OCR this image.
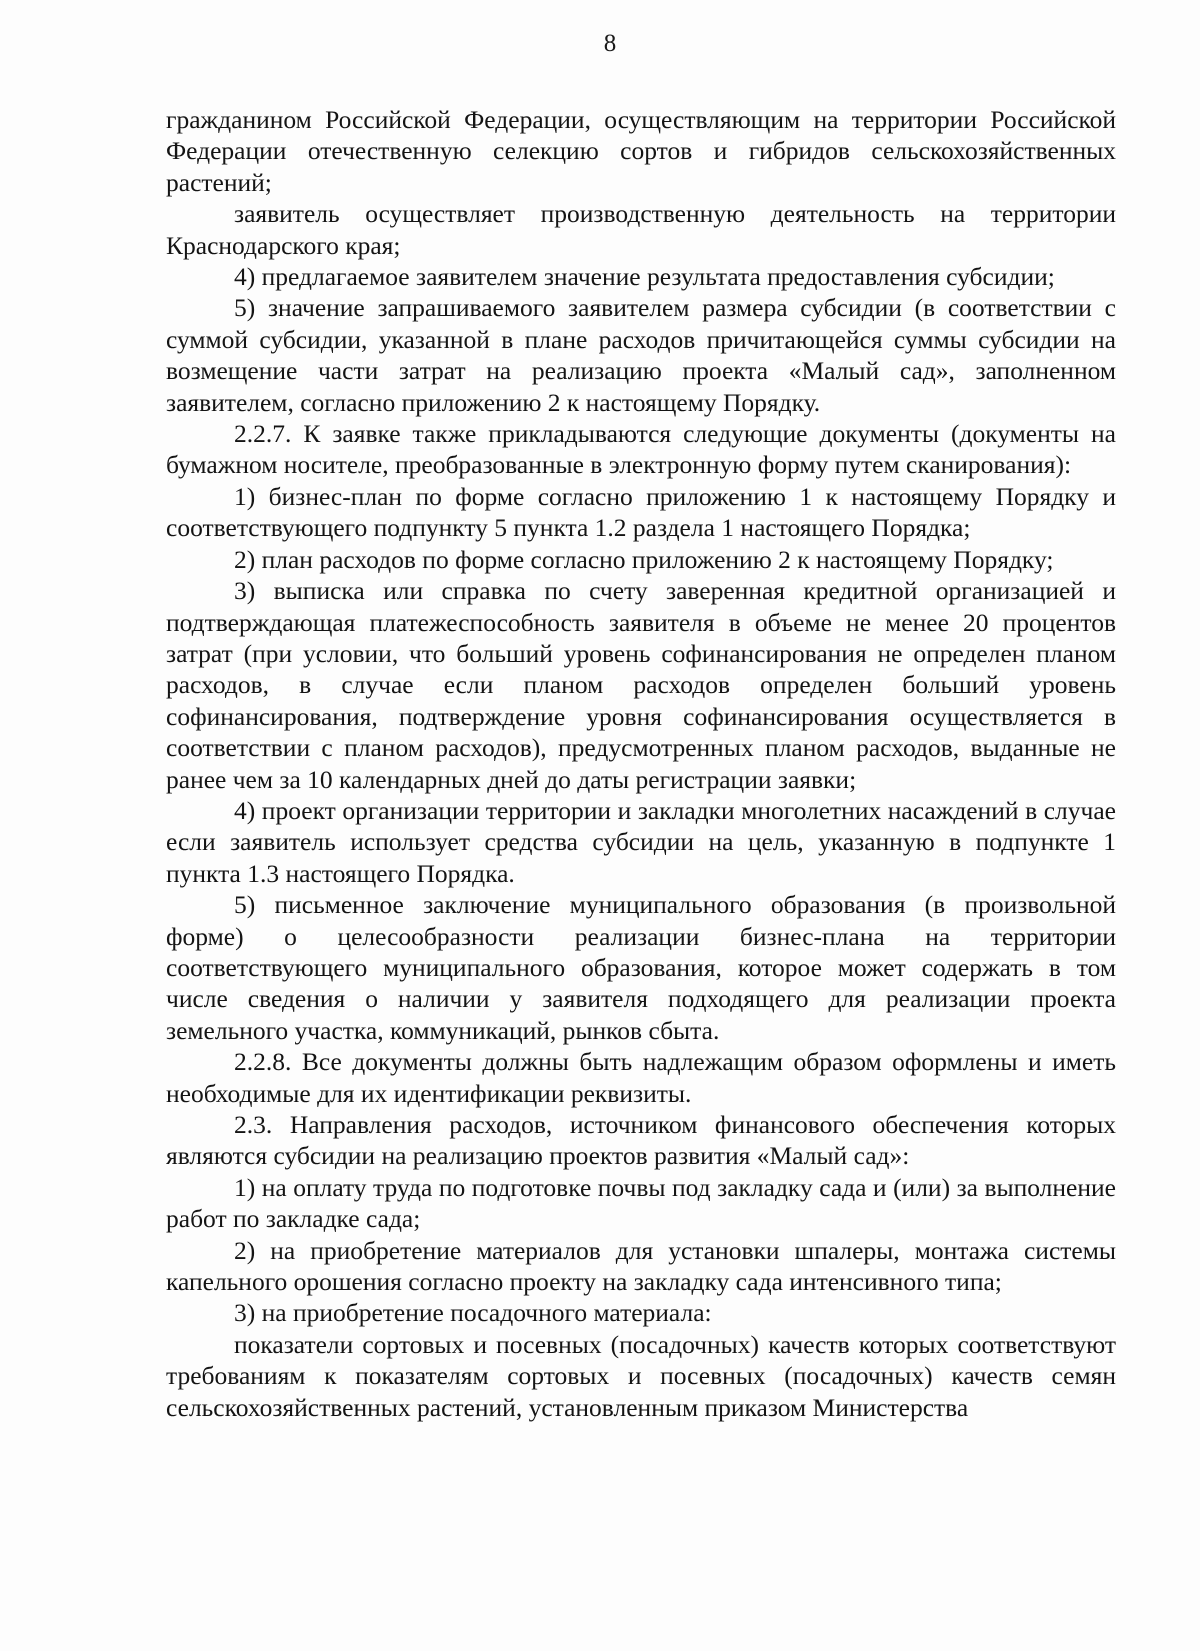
8

гражданином Российской Федерации, осуществляющим на территории Российской Федерации отечественную селекцию сортов и гибридов сельскохозяйственных растений;

заявитель осуществляет производственную деятельность на территории Краснодарского края;

4) предлагаемое заявителем значение результата предоставления субсидии;

5) значение запрашиваемого заявителем размера субсидии (в соответствии с суммой субсидии, указанной в плане расходов причитающейся суммы субсидии на возмещение части затрат на реализацию проекта «Малый сад», заполненном заявителем, согласно приложению 2 к настоящему Порядку.

2.2.7. К заявке также прикладываются следующие документы (документы на бумажном носителе, преобразованные в электронную форму путем сканирования):

1) бизнес-план по форме согласно приложению 1 к настоящему Порядку и соответствующего подпункту 5 пункта 1.2 раздела 1 настоящего Порядка;

2) план расходов по форме согласно приложению 2 к настоящему Порядку;

3) выписка или справка по счету заверенная кредитной организацией и подтверждающая платежеспособность заявителя в объеме не менее 20 процентов затрат (при условии, что больший уровень софинансирования не определен планом расходов, в случае если планом расходов определен больший уровень софинансирования, подтверждение уровня софинансирования осуществляется в соответствии с планом расходов), предусмотренных планом расходов, выданные не ранее чем за 10 календарных дней до даты регистрации заявки;

4) проект организации территории и закладки многолетних насаждений в случае если заявитель использует средства субсидии на цель, указанную в подпункте 1 пункта 1.3 настоящего Порядка.

5) письменное заключение муниципального образования (в произвольной форме) о целесообразности реализации бизнес-плана на территории соответствующего муниципального образования, которое может содержать в том числе сведения о наличии у заявителя подходящего для реализации проекта земельного участка, коммуникаций, рынков сбыта.

2.2.8. Все документы должны быть надлежащим образом оформлены и иметь необходимые для их идентификации реквизиты.

2.3. Направления расходов, источником финансового обеспечения которых являются субсидии на реализацию проектов развития «Малый сад»:

1) на оплату труда по подготовке почвы под закладку сада и (или) за выполнение работ по закладке сада;

2) на приобретение материалов для установки шпалеры, монтажа системы капельного орошения согласно проекту на закладку сада интенсивного типа;

3) на приобретение посадочного материала:

показатели сортовых и посевных (посадочных) качеств которых соответствуют требованиям к показателям сортовых и посевных (посадочных) качеств семян сельскохозяйственных растений, установленным приказом Министерства
